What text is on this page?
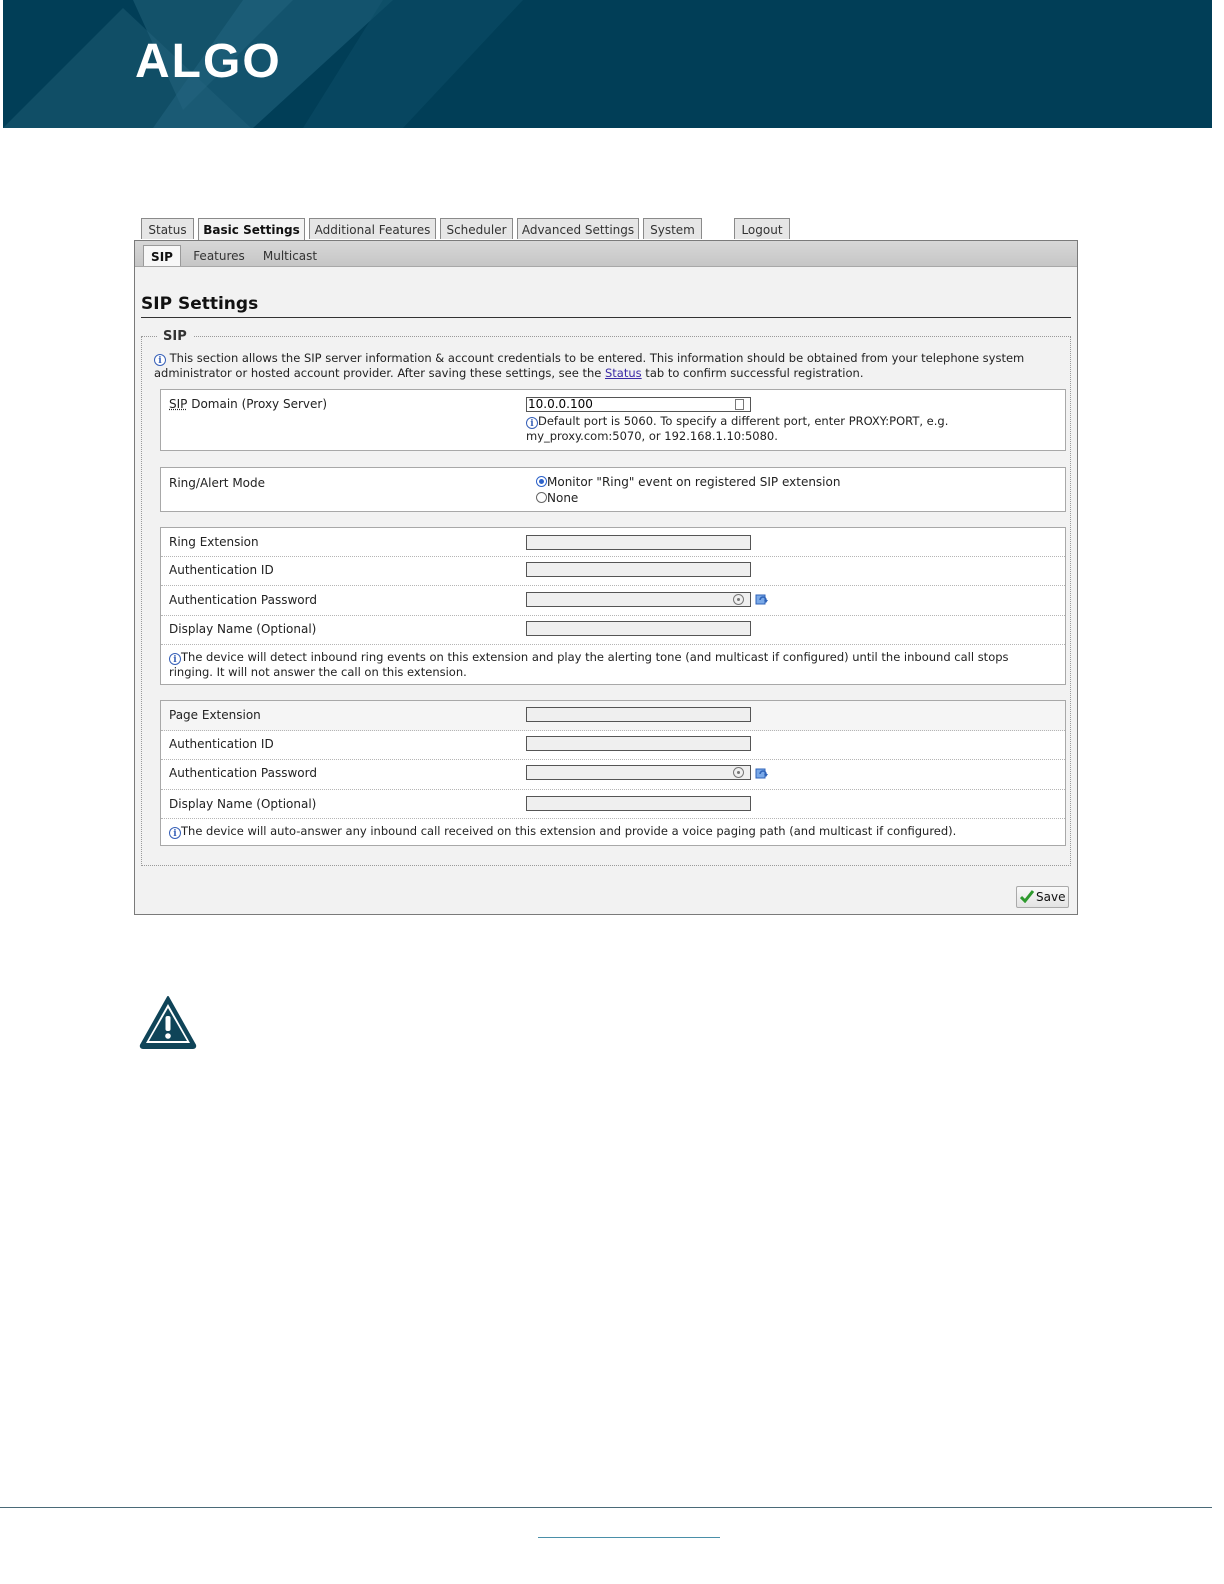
ALGO
Status	Basic Settings	Additional Features	Scheduler	Advanced Settings	System	Logout
SIP	Features	Multicast
SIP Settings
SIP
i This section allows the SIP server information & account credentials to be entered. This information should be obtained from your telephone system administrator or hosted account provider. After saving these settings, see the Status tab to confirm successful registration.
SIP Domain (Proxy Server)	10.0.0.100
i Default port is 5060. To specify a different port, enter PROXY:PORT, e.g. my_proxy.com:5070, or 192.168.1.10:5080.
Ring/Alert Mode	Monitor "Ring" event on registered SIP extension
None
Ring Extension
Authentication ID
Authentication Password
Display Name (Optional)
i The device will detect inbound ring events on this extension and play the alerting tone (and multicast if configured) until the inbound call stops ringing. It will not answer the call on this extension.
Page Extension
Authentication ID
Authentication Password
Display Name (Optional)
i The device will auto-answer any inbound call received on this extension and provide a voice paging path (and multicast if configured).
Save
